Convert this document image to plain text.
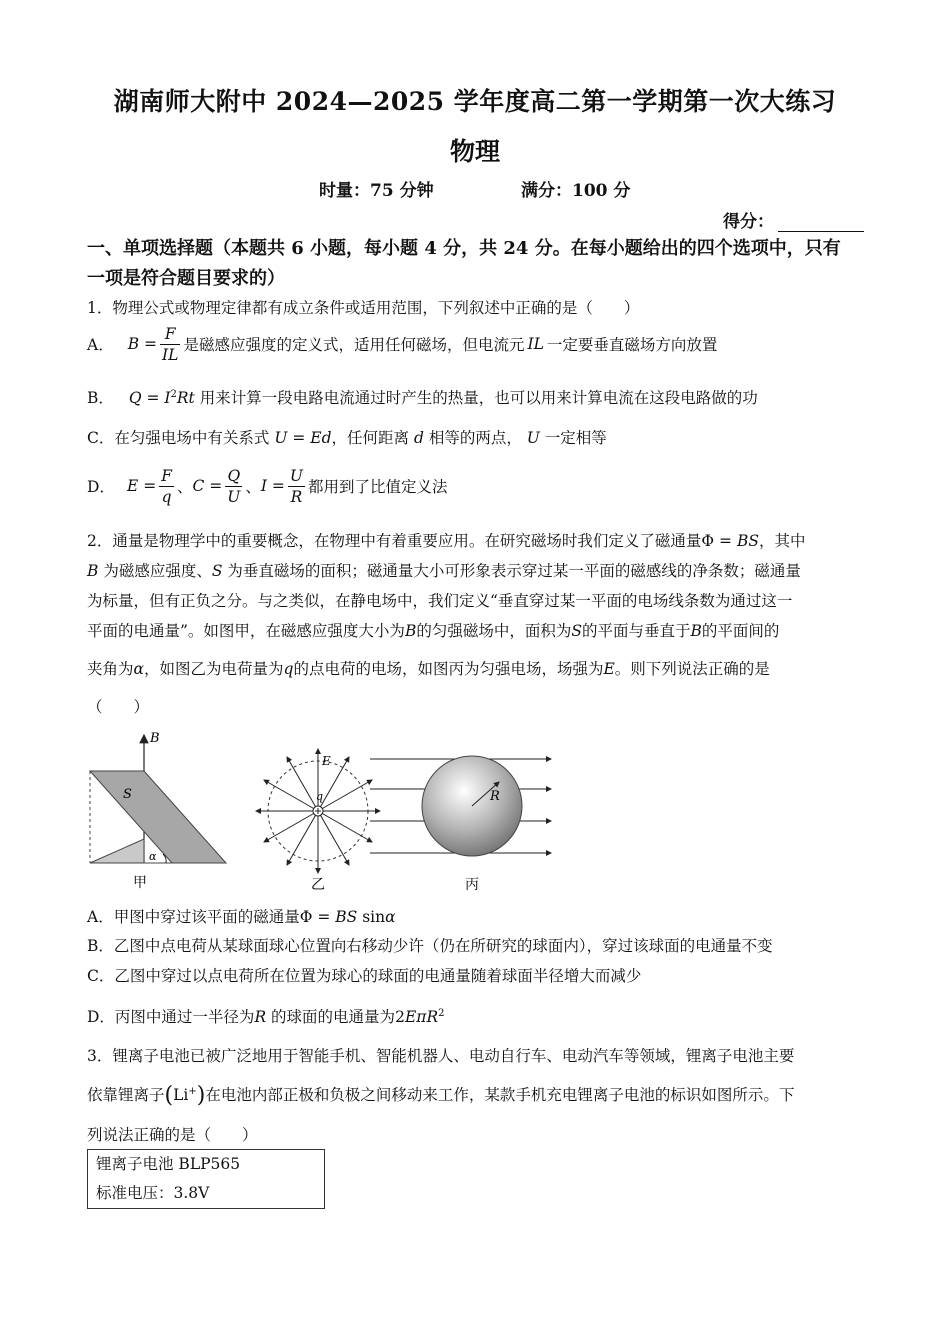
湖南师大附中 2024—2025 学年度高二第一学期第一次大练习
物理
时量：75 分钟	满分：100 分
得分：
一、单项选择题（本题共 6 小题，每小题 4 分，共 24 分。在每小题给出的四个选项中，只有一项是符合题目要求的）
1．物理公式或物理定律都有成立条件或适用范围，下列叙述中正确的是（　　）
A． $B = \frac{F}{IL}$ 是磁感应强度的定义式，适用任何磁场，但电流元 IL 一定要垂直磁场方向放置
B． $Q = I^2Rt$ 用来计算一段电路电流通过时产生的热量，也可以用来计算电流在这段电路做的功
C．在匀强电场中有关系式 U = Ed，任何距离 d 相等的两点， U 一定相等
D． $E = \frac{F}{q}$ 、 $C = \frac{Q}{U}$ 、 $I = \frac{U}{R}$ 都用到了比值定义法
2．通量是物理学中的重要概念，在物理中有着重要应用。在研究磁场时我们定义了磁通量Φ = BS，其中
B 为磁感应强度、S 为垂直磁场的面积；磁通量大小可形象表示穿过某一平面的磁感线的净条数；磁通量
为标量，但有正负之分。与之类似，在静电场中，我们定义“垂直穿过某一平面的电场线条数为通过这一
平面的电通量”。如图甲，在磁感应强度大小为B的匀强磁场中，面积为S的平面与垂直于B的平面间的
夹角为α，如图乙为电荷量为q的点电荷的电场，如图丙为匀强电场，场强为E。则下列说法正确的是
（　　）
B
S
α
甲
E
q
乙
R
丙
A．甲图中穿过该平面的磁通量Φ = BS sinα
B．乙图中点电荷从某球面球心位置向右移动少许（仍在所研究的球面内），穿过该球面的电通量不变
C．乙图中穿过以点电荷所在位置为球心的球面的电通量随着球面半径增大而减少
D．丙图中通过一半径为R 的球面的电通量为2EπR$^2$
3．锂离子电池已被广泛地用于智能手机、智能机器人、电动自行车、电动汽车等领域，锂离子电池主要
依靠锂离子(Li+)在电池内部正极和负极之间移动来工作，某款手机充电锂离子电池的标识如图所示。下
列说法正确的是（　　）
锂离子电池 BLP565
标准电压：3.8V
